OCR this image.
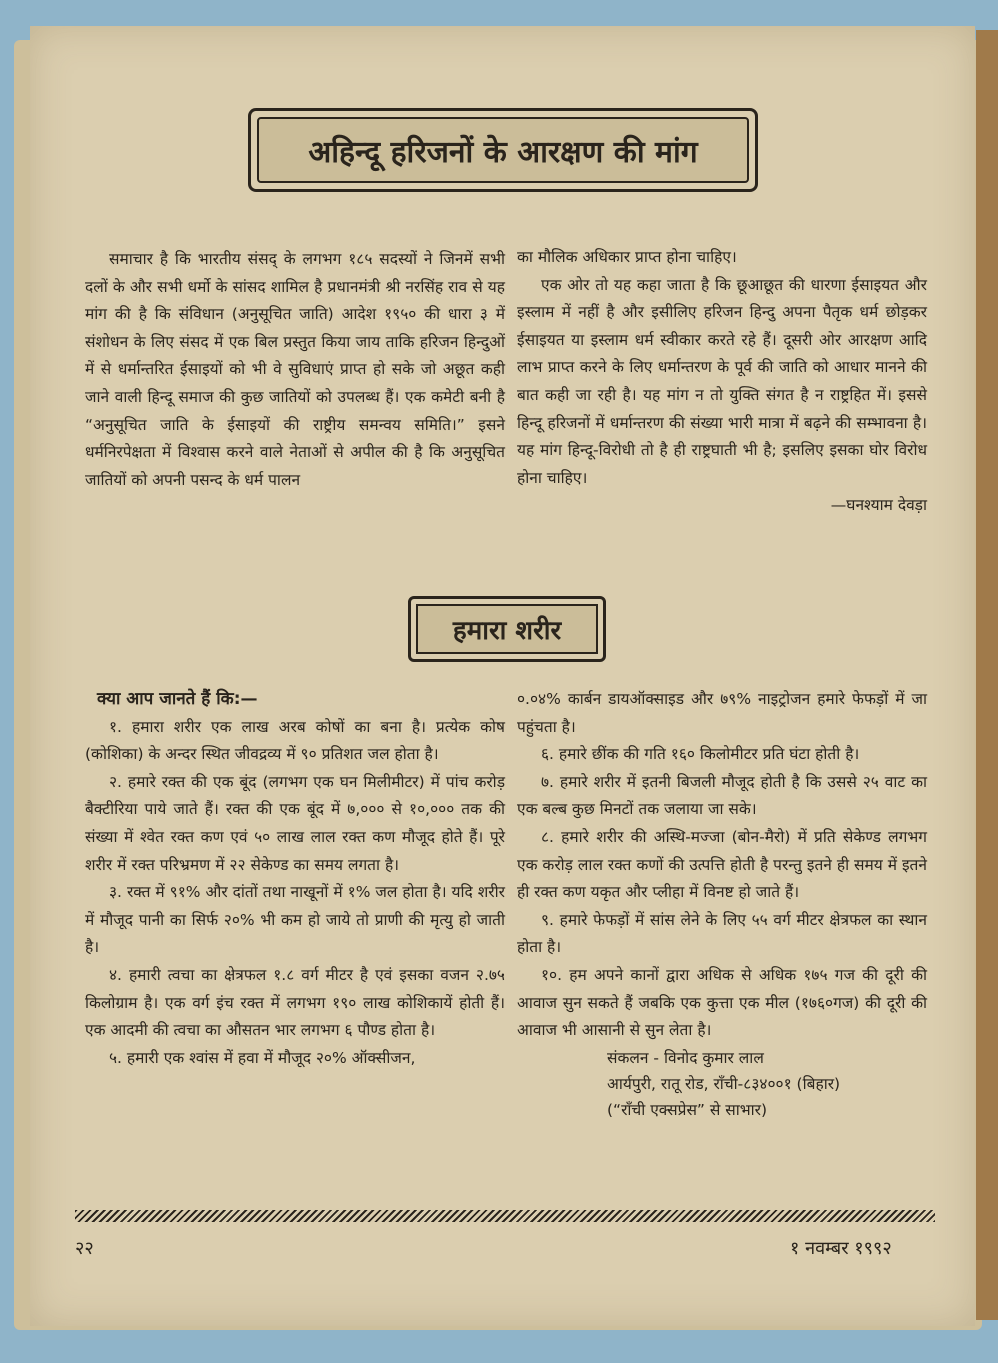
अहिन्दू हरिजनों के आरक्षण की मांग

समाचार है कि भारतीय संसद् के लगभग १८५ सदस्यों ने जिनमें सभी दलों के और सभी धर्मो के सांसद शामिल है प्रधानमंत्री श्री नरसिंह राव से यह मांग की है कि संविधान (अनुसूचित जाति) आदेश १९५० की धारा ३ में संशोधन के लिए संसद में एक बिल प्रस्तुत किया जाय ताकि हरिजन हिन्दुओं में से धर्मान्तरित ईसाइयों को भी वे सुविधाएं प्राप्त हो सके जो अछूत कही जाने वाली हिन्दू समाज की कुछ जातियों को उपलब्ध हैं। एक कमेटी बनी है “अनुसूचित जाति के ईसाइयों की राष्ट्रीय समन्वय समिति।” इसने धर्मनिरपेक्षता में विश्वास करने वाले नेताओं से अपील की है कि अनुसूचित जातियों को अपनी पसन्द के धर्म पालन

का मौलिक अधिकार प्राप्त होना चाहिए।

एक ओर तो यह कहा जाता है कि छूआछूत की धारणा ईसाइयत और इस्लाम में नहीं है और इसीलिए हरिजन हिन्दु अपना पैतृक धर्म छोड़कर ईसाइयत या इस्लाम धर्म स्वीकार करते रहे हैं। दूसरी ओर आरक्षण आदि लाभ प्राप्त करने के लिए धर्मान्तरण के पूर्व की जाति को आधार मानने की बात कही जा रही है। यह मांग न तो युक्ति संगत है न राष्ट्रहित में। इससे हिन्दू हरिजनों में धर्मान्तरण की संख्या भारी मात्रा में बढ़ने की सम्भावना है। यह मांग हिन्दू-विरोधी तो है ही राष्ट्रघाती भी है; इसलिए इसका घोर विरोध होना चाहिए।

—घनश्याम देवड़ा

हमारा शरीर

क्या आप जानते हैं कि:—

१. हमारा शरीर एक लाख अरब कोषों का बना है। प्रत्येक कोष (कोशिका) के अन्दर स्थित जीवद्रव्य में ९० प्रतिशत जल होता है।

२. हमारे रक्त की एक बूंद (लगभग एक घन मिलीमीटर) में पांच करोड़ बैक्टीरिया पाये जाते हैं। रक्त की एक बूंद में ७,००० से १०,००० तक की संख्या में श्वेत रक्त कण एवं ५० लाख लाल रक्त कण मौजूद होते हैं। पूरे शरीर में रक्त परिभ्रमण में २२ सेकेण्ड का समय लगता है।

३. रक्त में ९१% और दांतों तथा नाखूनों में १% जल होता है। यदि शरीर में मौजूद पानी का सिर्फ २०% भी कम हो जाये तो प्राणी की मृत्यु हो जाती है।

४. हमारी त्वचा का क्षेत्रफल १.८ वर्ग मीटर है एवं इसका वजन २.७५ किलोग्राम है। एक वर्ग इंच रक्त में लगभग १९० लाख कोशिकायें होती हैं। एक आदमी की त्वचा का औसतन भार लगभग ६ पौण्ड होता है।

५. हमारी एक श्वांस में हवा में मौजूद २०% ऑक्सीजन,

०.०४% कार्बन डायऑक्साइड और ७९% नाइट्रोजन हमारे फेफड़ों में जा पहुंचता है।

६. हमारे छींक की गति १६० किलोमीटर प्रति घंटा होती है।

७. हमारे शरीर में इतनी बिजली मौजूद होती है कि उससे २५ वाट का एक बल्ब कुछ मिनटों तक जलाया जा सके।

८. हमारे शरीर की अस्थि-मज्जा (बोन-मैरो) में प्रति सेकेण्ड लगभग एक करोड़ लाल रक्त कणों की उत्पत्ति होती है परन्तु इतने ही समय में इतने ही रक्त कण यकृत और प्लीहा में विनष्ट हो जाते हैं।

९. हमारे फेफड़ों में सांस लेने के लिए ५५ वर्ग मीटर क्षेत्रफल का स्थान होता है।

१०. हम अपने कानों द्वारा अधिक से अधिक १७५ गज की दूरी की आवाज सुन सकते हैं जबकि एक कुत्ता एक मील (१७६०गज) की दूरी की आवाज भी आसानी से सुन लेता है।

संकलन - विनोद कुमार लाल

आर्यपुरी, रातू रोड, राँची-८३४००१ (बिहार)

(“राँची एक्सप्रेस” से साभार)

२२	१ नवम्बर १९९२
